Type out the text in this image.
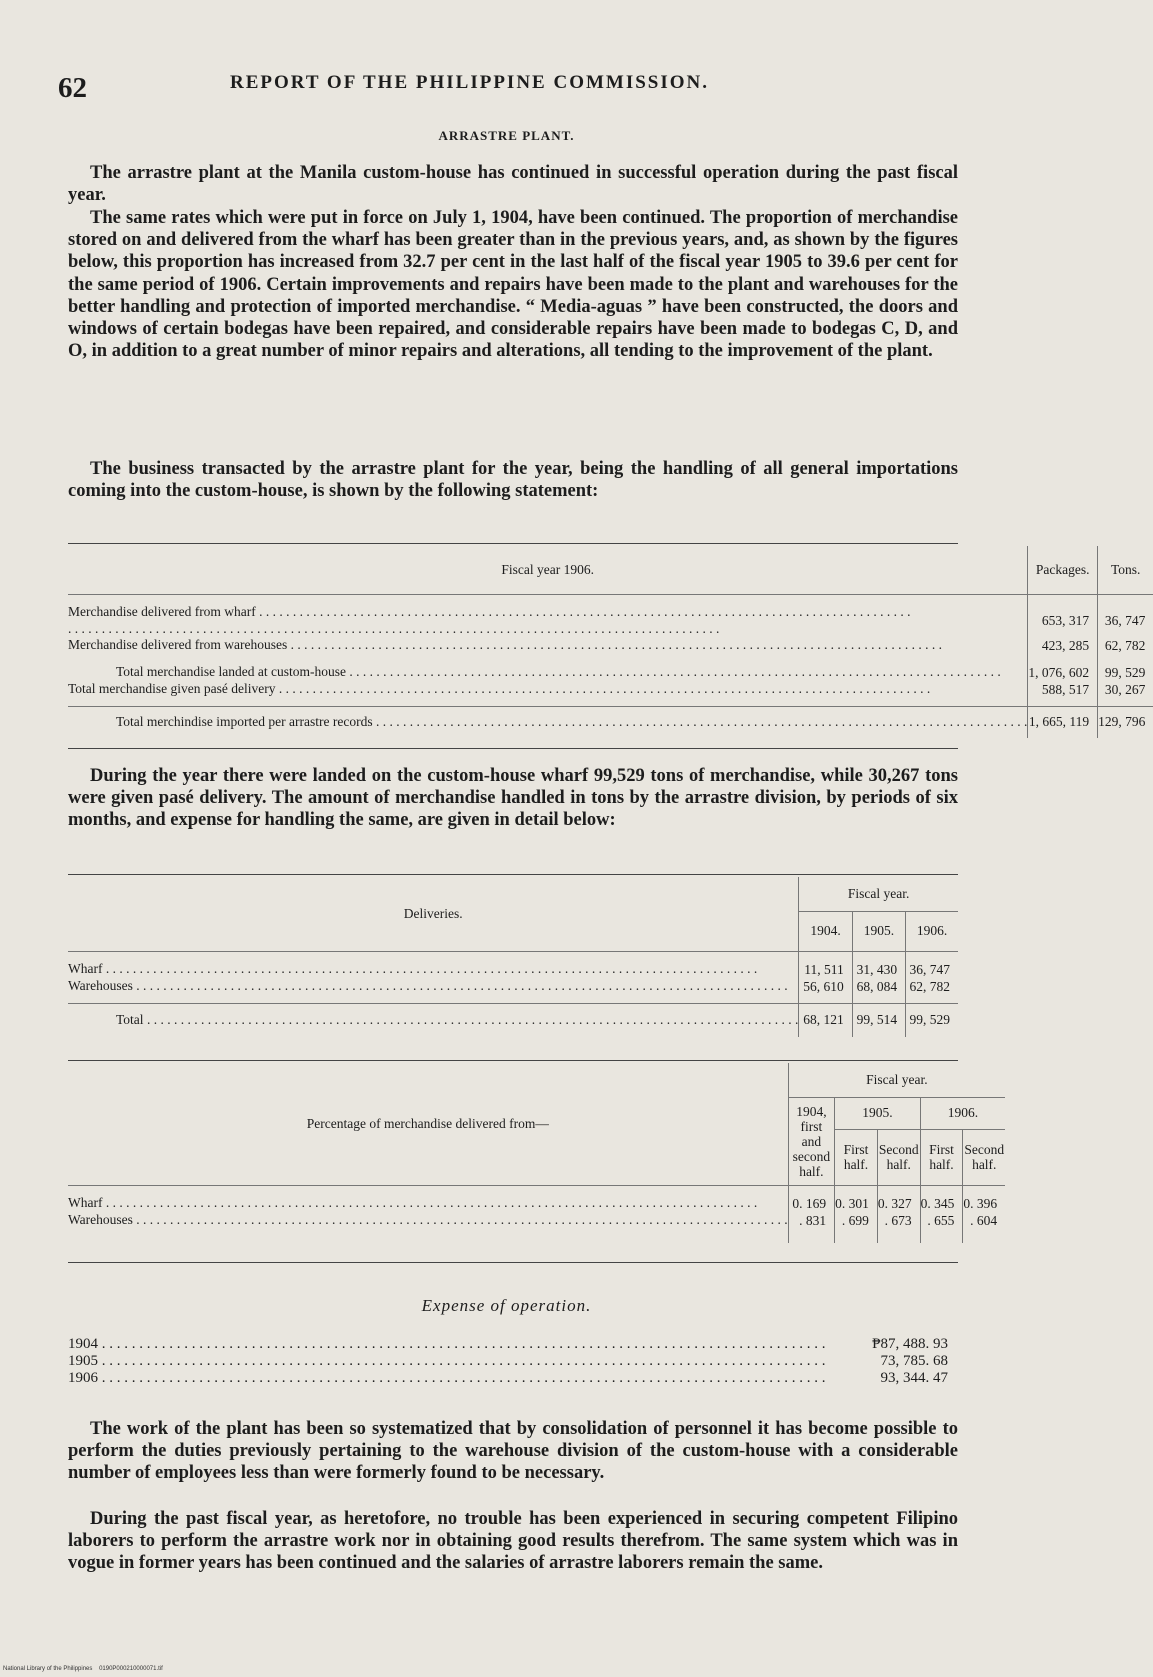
62	REPORT OF THE PHILIPPINE COMMISSION.
ARRASTRE PLANT.

The arrastre plant at the Manila custom-house has continued in successful operation during the past fiscal year.

The same rates which were put in force on July 1, 1904, have been continued. The proportion of merchandise stored on and delivered from the wharf has been greater than in the previous years, and, as shown by the figures below, this proportion has increased from 32.7 per cent in the last half of the fiscal year 1905 to 39.6 per cent for the same period of 1906. Certain improvements and repairs have been made to the plant and warehouses for the better handling and protection of imported merchandise. “ Media-aguas ” have been constructed, the doors and windows of certain bodegas have been repaired, and considerable repairs have been made to bodegas C, D, and O, in addition to a great number of minor repairs and alterations, all tending to the improvement of the plant.

The business transacted by the arrastre plant for the year, being the handling of all general importations coming into the custom-house, is shown by the following statement:

Fiscal year 1906.	Packages.	Tons.

Merchandise delivered from wharf . . .
. . .	653, 317	36, 747

Merchandise delivered from warehouses . . .	423, 285	62, 782

Total merchandise landed at custom-house . . .	1, 076, 602	99, 529

Total merchandise given pasé delivery . . .	588, 517	30, 267

Total merchindise imported per arrastre records . . .	1, 665, 119	129, 796

During the year there were landed on the custom-house wharf 99,529 tons of merchandise, while 30,267 tons were given pasé delivery. The amount of merchandise handled in tons by the arrastre division, by periods of six months, and expense for handling the same, are given in detail below:

Deliveries.	Fiscal year.		
	1904.	1905.	1906.

Wharf . . .	11, 511	31, 430	36, 747

Warehouses . . .	56, 610	68, 084	62, 782

Total . . .	68, 121	99, 514	99, 529
Percentage of merchandise delivered from—	Fiscal year.				
	1904, first and second half.	1905.		1906.	
		First half.	Second half.	First half.	Second half.

Wharf . . .	0. 169	0. 301	0. 327	0. 345	0. 396

Warehouses . . .	. 831	. 699	. 673	. 655	. 604

Expense of operation.
1904 . . .	₱87, 488. 93

1905 . . .	73, 785. 68

1906 . . .	93, 344. 47

The work of the plant has been so systematized that by consolidation of personnel it has become possible to perform the duties previously pertaining to the warehouse division of the custom-house with a considerable number of employees less than were formerly found to be necessary.

During the past fiscal year, as heretofore, no trouble has been experienced in securing competent Filipino laborers to perform the arrastre work nor in obtaining good results therefrom. The same system which was in vogue in former years has been continued and the salaries of arrastre laborers remain the same.

National Library of the Philippines 0190P000210000071.tif
